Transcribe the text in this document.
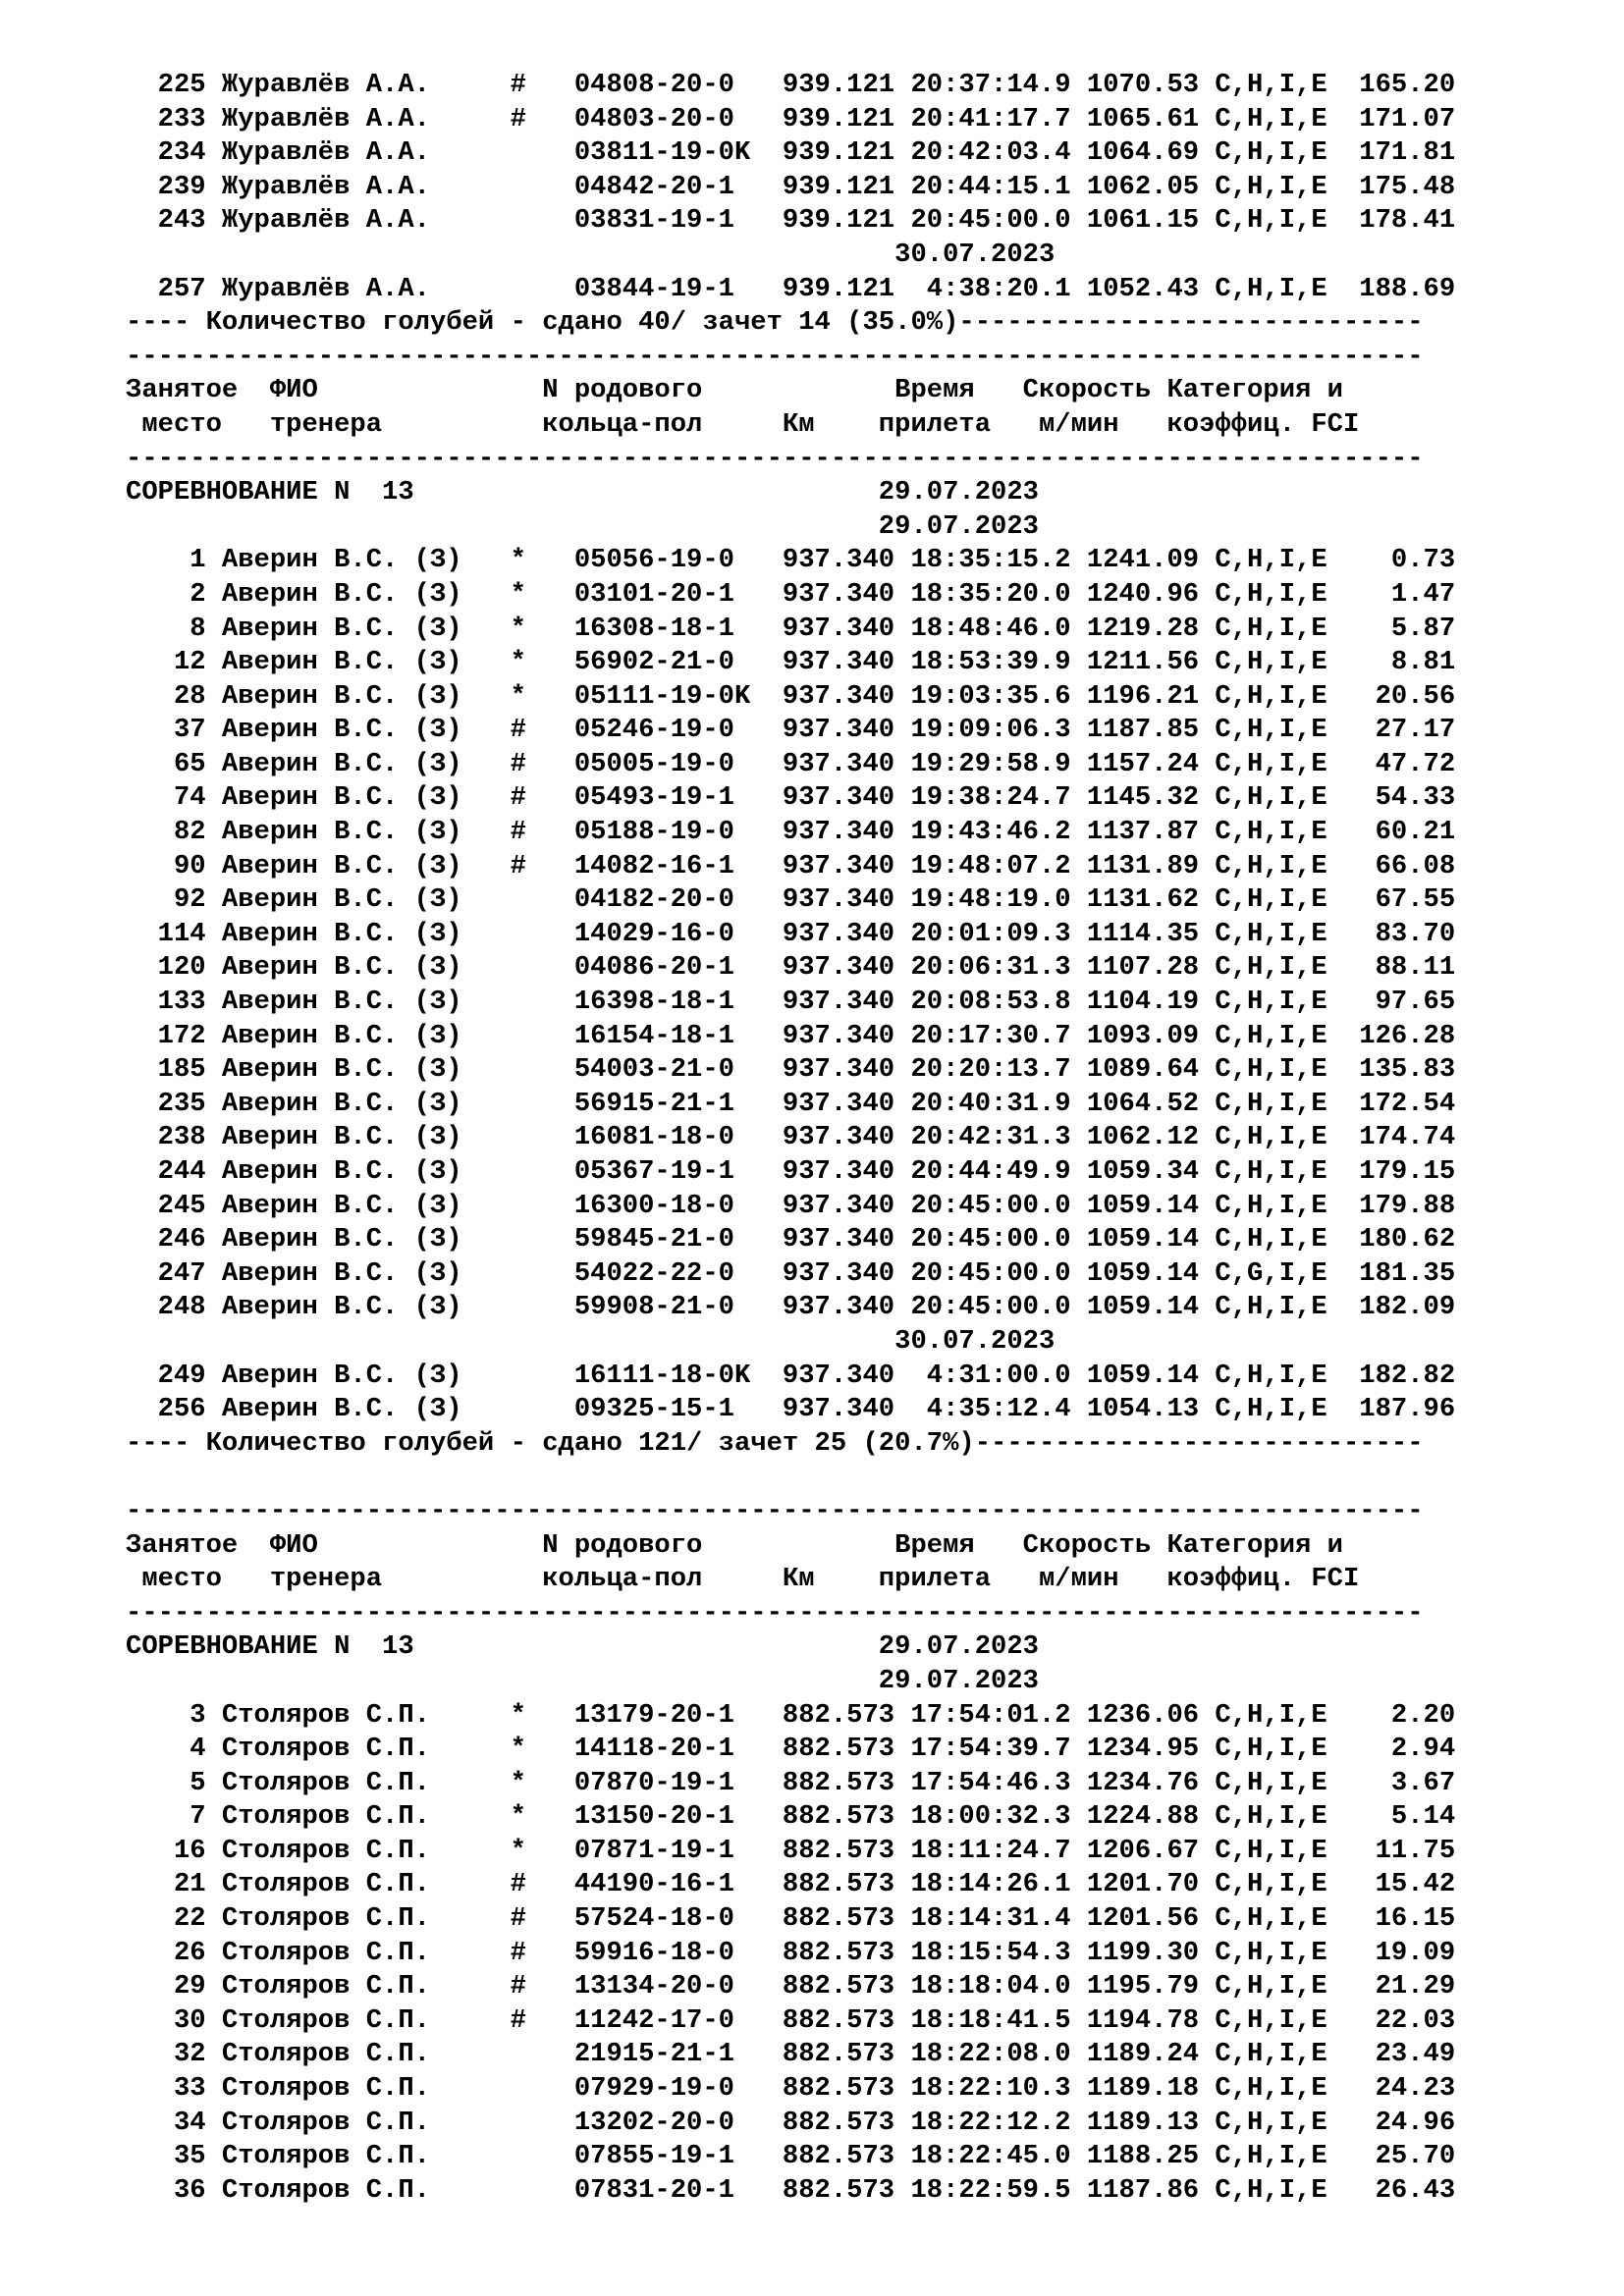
225 Журавлёв А.А.     #   04808-20-0   939.121 20:37:14.9 1070.53 C,H,I,E  165.20
233 Журавлёв А.А.     #   04803-20-0   939.121 20:41:17.7 1065.61 C,H,I,E  171.07
234 Журавлёв А.А.         03811-19-0K  939.121 20:42:03.4 1064.69 C,H,I,E  171.81
239 Журавлёв А.А.         04842-20-1   939.121 20:44:15.1 1062.05 C,H,I,E  175.48
243 Журавлёв А.А.         03831-19-1   939.121 20:45:00.0 1061.15 C,H,I,E  178.41
30.07.2023
257 Журавлёв А.А.         03844-19-1   939.121  4:38:20.1 1052.43 C,H,I,E  188.69
---- Количество голубей - сдано 40/ зачет 14 (35.0%)-----------------------------
---------------------------------------------------------------------------------
Занятое  ФИО              N родового            Время   Скорость Категория и
место   тренера          кольца-пол     Км    прилета   м/мин   коэффиц. FCI
---------------------------------------------------------------------------------
СОРЕВНОВАНИЕ N  13                             29.07.2023
29.07.2023
1 Аверин В.С. (З)   *   05056-19-0   937.340 18:35:15.2 1241.09 C,H,I,E    0.73
2 Аверин В.С. (З)   *   03101-20-1   937.340 18:35:20.0 1240.96 C,H,I,E    1.47
8 Аверин В.С. (З)   *   16308-18-1   937.340 18:48:46.0 1219.28 C,H,I,E    5.87
12 Аверин В.С. (З)   *   56902-21-0   937.340 18:53:39.9 1211.56 C,H,I,E    8.81
28 Аверин В.С. (З)   *   05111-19-0K  937.340 19:03:35.6 1196.21 C,H,I,E   20.56
37 Аверин В.С. (З)   #   05246-19-0   937.340 19:09:06.3 1187.85 C,H,I,E   27.17
65 Аверин В.С. (З)   #   05005-19-0   937.340 19:29:58.9 1157.24 C,H,I,E   47.72
74 Аверин В.С. (З)   #   05493-19-1   937.340 19:38:24.7 1145.32 C,H,I,E   54.33
82 Аверин В.С. (З)   #   05188-19-0   937.340 19:43:46.2 1137.87 C,H,I,E   60.21
90 Аверин В.С. (З)   #   14082-16-1   937.340 19:48:07.2 1131.89 C,H,I,E   66.08
92 Аверин В.С. (З)       04182-20-0   937.340 19:48:19.0 1131.62 C,H,I,E   67.55
114 Аверин В.С. (З)       14029-16-0   937.340 20:01:09.3 1114.35 C,H,I,E   83.70
120 Аверин В.С. (З)       04086-20-1   937.340 20:06:31.3 1107.28 C,H,I,E   88.11
133 Аверин В.С. (З)       16398-18-1   937.340 20:08:53.8 1104.19 C,H,I,E   97.65
172 Аверин В.С. (З)       16154-18-1   937.340 20:17:30.7 1093.09 C,H,I,E  126.28
185 Аверин В.С. (З)       54003-21-0   937.340 20:20:13.7 1089.64 C,H,I,E  135.83
235 Аверин В.С. (З)       56915-21-1   937.340 20:40:31.9 1064.52 C,H,I,E  172.54
238 Аверин В.С. (З)       16081-18-0   937.340 20:42:31.3 1062.12 C,H,I,E  174.74
244 Аверин В.С. (З)       05367-19-1   937.340 20:44:49.9 1059.34 C,H,I,E  179.15
245 Аверин В.С. (З)       16300-18-0   937.340 20:45:00.0 1059.14 C,H,I,E  179.88
246 Аверин В.С. (З)       59845-21-0   937.340 20:45:00.0 1059.14 C,H,I,E  180.62
247 Аверин В.С. (З)       54022-22-0   937.340 20:45:00.0 1059.14 C,G,I,E  181.35
248 Аверин В.С. (З)       59908-21-0   937.340 20:45:00.0 1059.14 C,H,I,E  182.09
30.07.2023
249 Аверин В.С. (З)       16111-18-0K  937.340  4:31:00.0 1059.14 C,H,I,E  182.82
256 Аверин В.С. (З)       09325-15-1   937.340  4:35:12.4 1054.13 C,H,I,E  187.96
---- Количество голубей - сдано 121/ зачет 25 (20.7%)----------------------------
---------------------------------------------------------------------------------
Занятое  ФИО              N родового            Время   Скорость Категория и
место   тренера          кольца-пол     Км    прилета   м/мин   коэффиц. FCI
---------------------------------------------------------------------------------
СОРЕВНОВАНИЕ N  13                             29.07.2023
29.07.2023
3 Столяров С.П.     *   13179-20-1   882.573 17:54:01.2 1236.06 C,H,I,E    2.20
4 Столяров С.П.     *   14118-20-1   882.573 17:54:39.7 1234.95 C,H,I,E    2.94
5 Столяров С.П.     *   07870-19-1   882.573 17:54:46.3 1234.76 C,H,I,E    3.67
7 Столяров С.П.     *   13150-20-1   882.573 18:00:32.3 1224.88 C,H,I,E    5.14
16 Столяров С.П.     *   07871-19-1   882.573 18:11:24.7 1206.67 C,H,I,E   11.75
21 Столяров С.П.     #   44190-16-1   882.573 18:14:26.1 1201.70 C,H,I,E   15.42
22 Столяров С.П.     #   57524-18-0   882.573 18:14:31.4 1201.56 C,H,I,E   16.15
26 Столяров С.П.     #   59916-18-0   882.573 18:15:54.3 1199.30 C,H,I,E   19.09
29 Столяров С.П.     #   13134-20-0   882.573 18:18:04.0 1195.79 C,H,I,E   21.29
30 Столяров С.П.     #   11242-17-0   882.573 18:18:41.5 1194.78 C,H,I,E   22.03
32 Столяров С.П.         21915-21-1   882.573 18:22:08.0 1189.24 C,H,I,E   23.49
33 Столяров С.П.         07929-19-0   882.573 18:22:10.3 1189.18 C,H,I,E   24.23
34 Столяров С.П.         13202-20-0   882.573 18:22:12.2 1189.13 C,H,I,E   24.96
35 Столяров С.П.         07855-19-1   882.573 18:22:45.0 1188.25 C,H,I,E   25.70
36 Столяров С.П.         07831-20-1   882.573 18:22:59.5 1187.86 C,H,I,E   26.43
